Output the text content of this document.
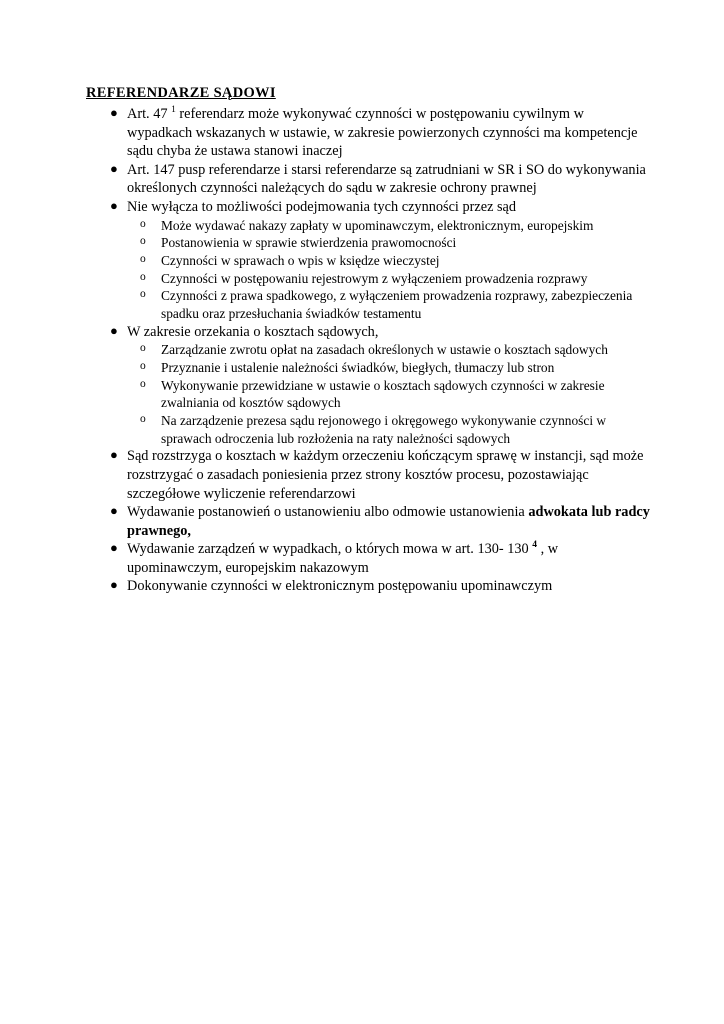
REFERENDARZE SĄDOWI
● Art. 47 $^1$ referendarz może wykonywać czynności w postępowaniu cywilnym w wypadkach wskazanych w ustawie, w zakresie powierzonych czynności ma kompetencje sądu chyba że ustawa stanowi inaczej
● Art. 147 pusp referendarze i starsi referendarze są zatrudniani w SR i SO do wykonywania określonych czynności należących do sądu w zakresie ochrony prawnej
● Nie wyłącza to możliwości podejmowania tych czynności przez sąd
o Może wydawać nakazy zapłaty w upominawczym, elektronicznym, europejskim
o Postanowienia w sprawie stwierdzenia prawomocności
o Czynności w sprawach o wpis w księdze wieczystej
o Czynności w postępowaniu rejestrowym z wyłączeniem prowadzenia rozprawy
o Czynności z prawa spadkowego, z wyłączeniem prowadzenia rozprawy, zabezpieczenia spadku oraz przesłuchania świadków testamentu
● W zakresie orzekania o kosztach sądowych,
o Zarządzanie zwrotu opłat na zasadach określonych w ustawie o kosztach sądowych
o Przyznanie i ustalenie należności świadków, biegłych, tłumaczy lub stron
o Wykonywanie przewidziane w ustawie o kosztach sądowych czynności w zakresie zwalniania od kosztów sądowych
o Na zarządzenie prezesa sądu rejonowego i okręgowego wykonywanie czynności w sprawach odroczenia lub rozłożenia na raty należności sądowych
● Sąd rozstrzyga o kosztach w każdym orzeczeniu kończącym sprawę w instancji, sąd może rozstrzygać o zasadach poniesienia przez strony kosztów procesu, pozostawiając szczegółowe wyliczenie referendarzowi
● Wydawanie postanowień o ustanowieniu albo odmowie ustanowienia adwokata lub radcy prawnego,
● Wydawanie zarządzeń w wypadkach, o których mowa w art. 130- 130 $^4$ , w upominawczym, europejskim nakazowym
● Dokonywanie czynności w elektronicznym postępowaniu upominawczym
